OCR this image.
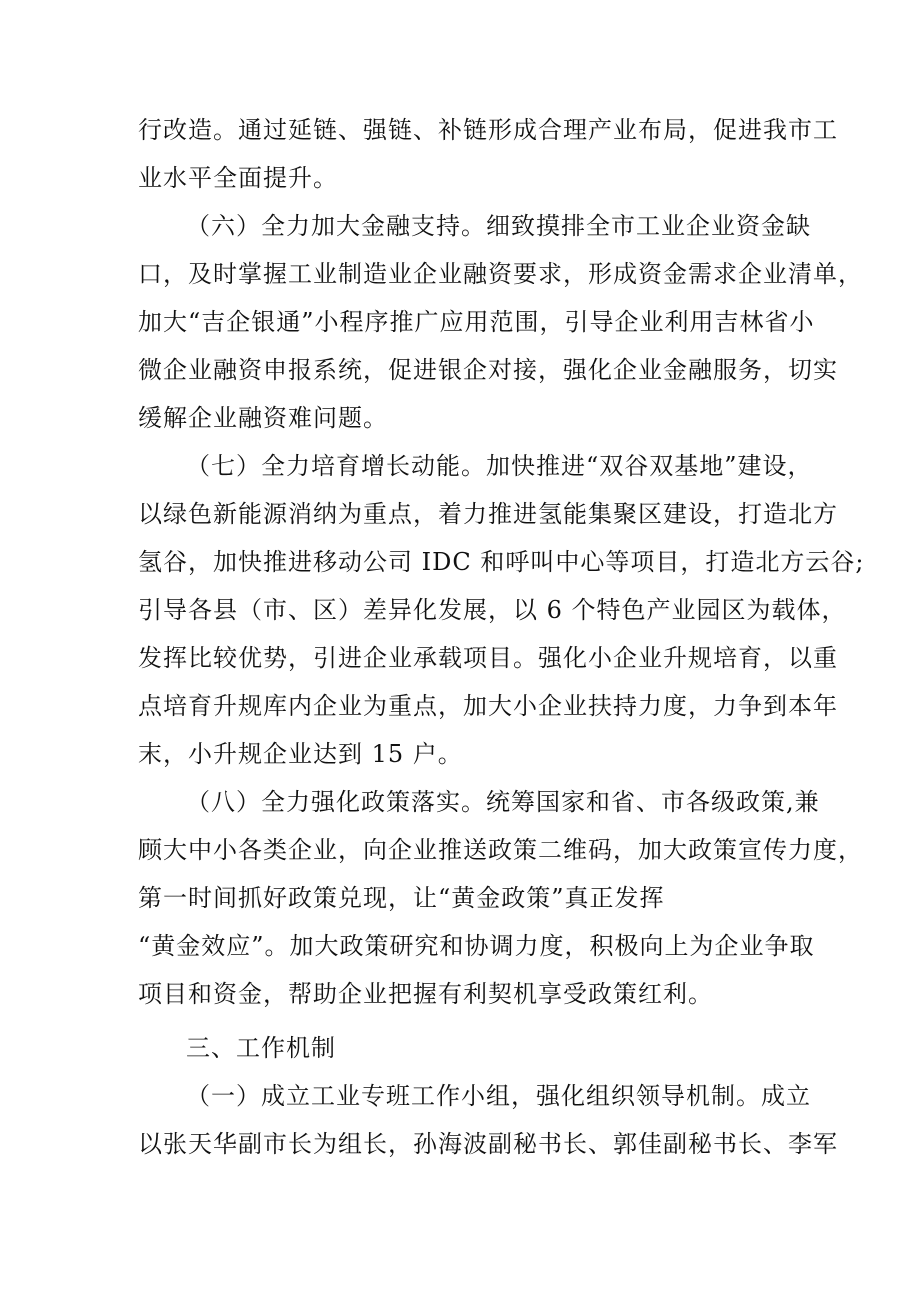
行改造。通过延链、强链、补链形成合理产业布局，促进我市工
业水平全面提升。
（六）全力加大金融支持。细致摸排全市工业企业资金缺
口，及时掌握工业制造业企业融资要求，形成资金需求企业清单，
加大“吉企银通”小程序推广应用范围，引导企业利用吉林省小
微企业融资申报系统，促进银企对接，强化企业金融服务，切实
缓解企业融资难问题。
（七）全力培育增长动能。加快推进“双谷双基地”建设，
以绿色新能源消纳为重点，着力推进氢能集聚区建设，打造北方
氢谷，加快推进移动公司 IDC 和呼叫中心等项目，打造北方云谷;
引导各县（市、区）差异化发展，以 6 个特色产业园区为载体，
发挥比较优势，引进企业承载项目。强化小企业升规培育，以重
点培育升规库内企业为重点，加大小企业扶持力度，力争到本年
末，小升规企业达到 15 户。
（八）全力强化政策落实。统筹国家和省、市各级政策,兼
顾大中小各类企业，向企业推送政策二维码，加大政策宣传力度，
第一时间抓好政策兑现，让“黄金政策”真正发挥
“黄金效应”。加大政策研究和协调力度，积极向上为企业争取
项目和资金，帮助企业把握有利契机享受政策红利。
三、工作机制
（一）成立工业专班工作小组，强化组织领导机制。成立
以张天华副市长为组长，孙海波副秘书长、郭佳副秘书长、李军
